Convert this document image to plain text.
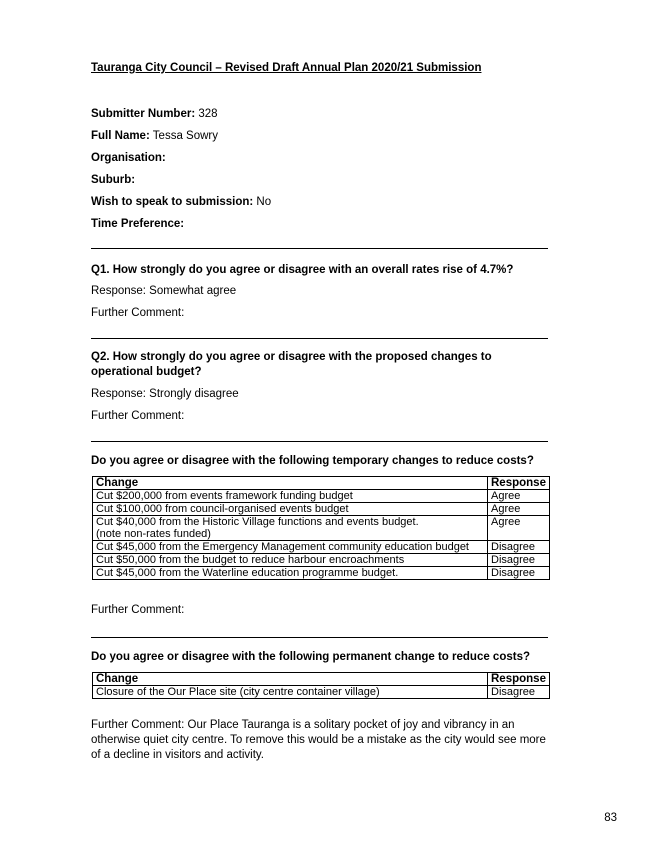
Tauranga City Council – Revised Draft Annual Plan 2020/21 Submission
Submitter Number: 328
Full Name: Tessa Sowry
Organisation:
Suburb:
Wish to speak to submission: No
Time Preference:
Q1. How strongly do you agree or disagree with an overall rates rise of 4.7%?
Response: Somewhat agree
Further Comment:
Q2. How strongly do you agree or disagree with the proposed changes to operational budget?
Response: Strongly disagree
Further Comment:
Do you agree or disagree with the following temporary changes to reduce costs?
Change	Response
Cut $200,000 from events framework funding budget	Agree
Cut $100,000 from council-organised events budget	Agree

Cut $40,000 from the Historic Village functions and events budget.
(note non-rates funded)	Agree
Cut $45,000 from the Emergency Management community education budget	Disagree
Cut $50,000 from the budget to reduce harbour encroachments	Disagree
Cut $45,000 from the Waterline education programme budget.	Disagree
Further Comment:
Do you agree or disagree with the following permanent change to reduce costs?
Change	Response
Closure of the Our Place site (city centre container village)	Disagree
Further Comment: Our Place Tauranga is a solitary pocket of joy and vibrancy in an otherwise quiet city centre. To remove this would be a mistake as the city would see more of a decline in visitors and activity.
83
